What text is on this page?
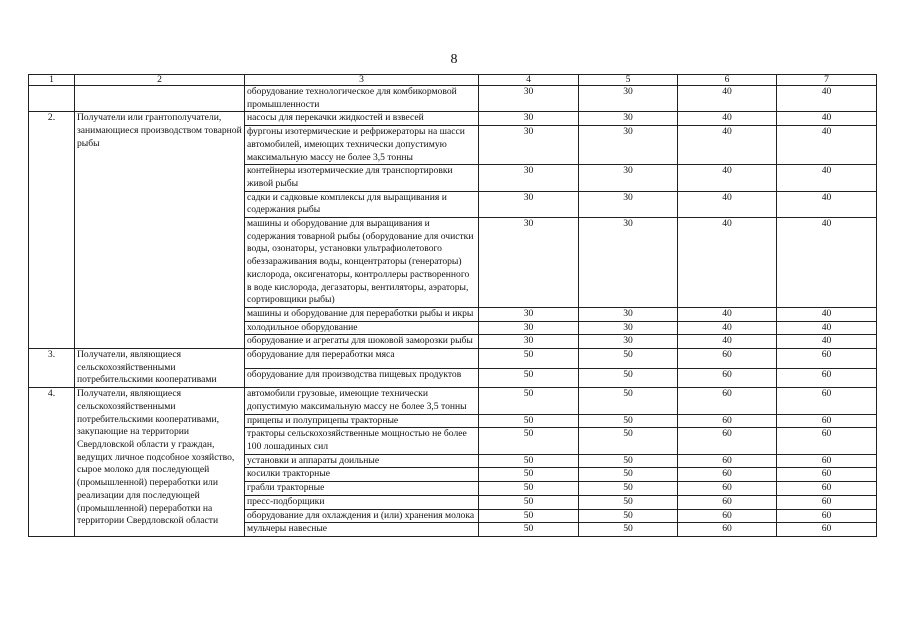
8
1	2	3	4	5	6	7
		оборудование технологическое для комбикормовой промышленности	30	30	40	40
2.	Получатели или грантополучатели, занимающиеся производством товарной рыбы	насосы для перекачки жидкостей и взвесей	30	30	40	40
		фургоны изотермические и рефрижераторы на шасси автомобилей, имеющих технически допустимую максимальную массу не более 3,5 тонны	30	30	40	40
		контейнеры изотермические для транспортировки живой рыбы	30	30	40	40
		садки и садковые комплексы для выращивания и содержания рыбы	30	30	40	40
		машины и оборудование для выращивания и содержания товарной рыбы (оборудование для очистки воды, озонаторы, установки ультрафиолетового обеззараживания воды, концентраторы (генераторы) кислорода, оксигенаторы, контроллеры растворенного в воде кислорода, дегазаторы, вентиляторы, аэраторы, сортировщики рыбы)	30	30	40	40
		машины и оборудование для переработки рыбы и икры	30	30	40	40
		холодильное оборудование	30	30	40	40
		оборудование и агрегаты для шоковой заморозки рыбы	30	30	40	40
3.	Получатели, являющиеся сельскохозяйственными потребительскими кооперативами	оборудование для переработки мяса	50	50	60	60
		оборудование для производства пищевых продуктов	50	50	60	60
4.	Получатели, являющиеся сельскохозяйственными потребительскими кооперативами, закупающие на территории Свердловской области у граждан, ведущих личное подсобное хозяйство, сырое молоко для последующей (промышленной) переработки или реализации для последующей (промышленной) переработки на территории Свердловской области	автомобили грузовые, имеющие технически допустимую максимальную массу не более 3,5 тонны	50	50	60	60
		прицепы и полуприцепы тракторные	50	50	60	60
		тракторы сельскохозяйственные мощностью не более 100 лошадиных сил	50	50	60	60
		установки и аппараты доильные	50	50	60	60
		косилки тракторные	50	50	60	60
		грабли тракторные	50	50	60	60
		пресс-подборщики	50	50	60	60
		оборудование для охлаждения и (или) хранения молока	50	50	60	60
		мульчеры навесные	50	50	60	60
